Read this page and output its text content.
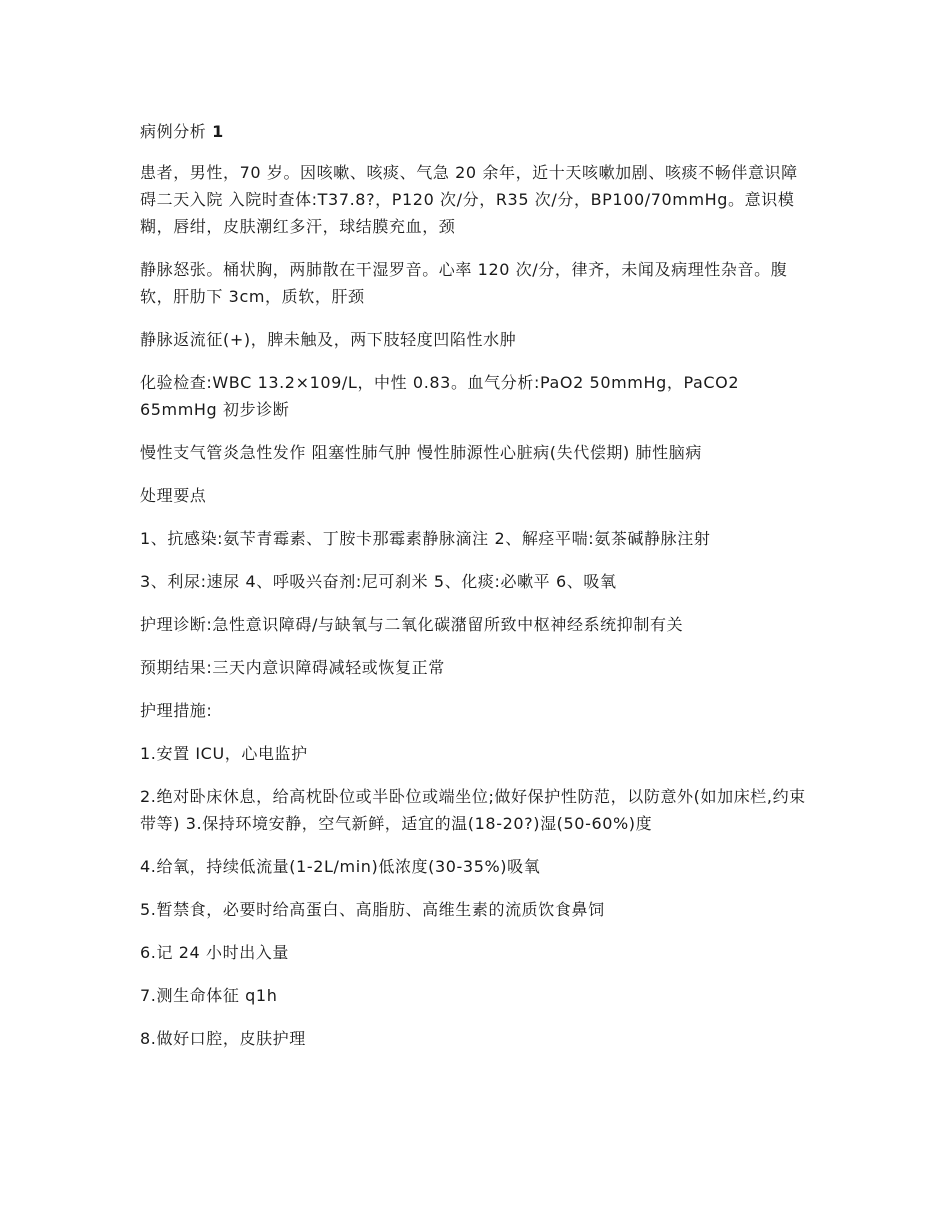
病例分析 1

患者，男性，70 岁。因咳嗽、咳痰、气急 20 余年，近十天咳嗽加剧、咳痰不畅伴意识障碍二天入院 入院时查体:T37.8?，P120 次/分，R35 次/分，BP100/70mmHg。意识模糊，唇绀，皮肤潮红多汗，球结膜充血，颈

静脉怒张。桶状胸，两肺散在干湿罗音。心率 120 次/分，律齐，未闻及病理性杂音。腹软，肝肋下 3cm，质软，肝颈

静脉返流征(+)，脾未触及，两下肢轻度凹陷性水肿

化验检查:WBC 13.2×109/L，中性 0.83。血气分析:PaO2 50mmHg，PaCO2 65mmHg 初步诊断

慢性支气管炎急性发作 阻塞性肺气肿 慢性肺源性心脏病(失代偿期) 肺性脑病

处理要点

1、抗感染:氨苄青霉素、丁胺卡那霉素静脉滴注 2、解痉平喘:氨茶碱静脉注射

3、利尿:速尿 4、呼吸兴奋剂:尼可刹米 5、化痰:必嗽平 6、吸氧

护理诊断:急性意识障碍/与缺氧与二氧化碳潴留所致中枢神经系统抑制有关

预期结果:三天内意识障碍减轻或恢复正常

护理措施:

1.安置 ICU，心电监护

2.绝对卧床休息，给高枕卧位或半卧位或端坐位;做好保护性防范，以防意外(如加床栏,约束带等) 3.保持环境安静，空气新鲜，适宜的温(18-20?)湿(50-60%)度

4.给氧，持续低流量(1-2L/min)低浓度(30-35%)吸氧

5.暂禁食，必要时给高蛋白、高脂肪、高维生素的流质饮食鼻饲

6.记 24 小时出入量

7.测生命体征 q1h

8.做好口腔，皮肤护理
